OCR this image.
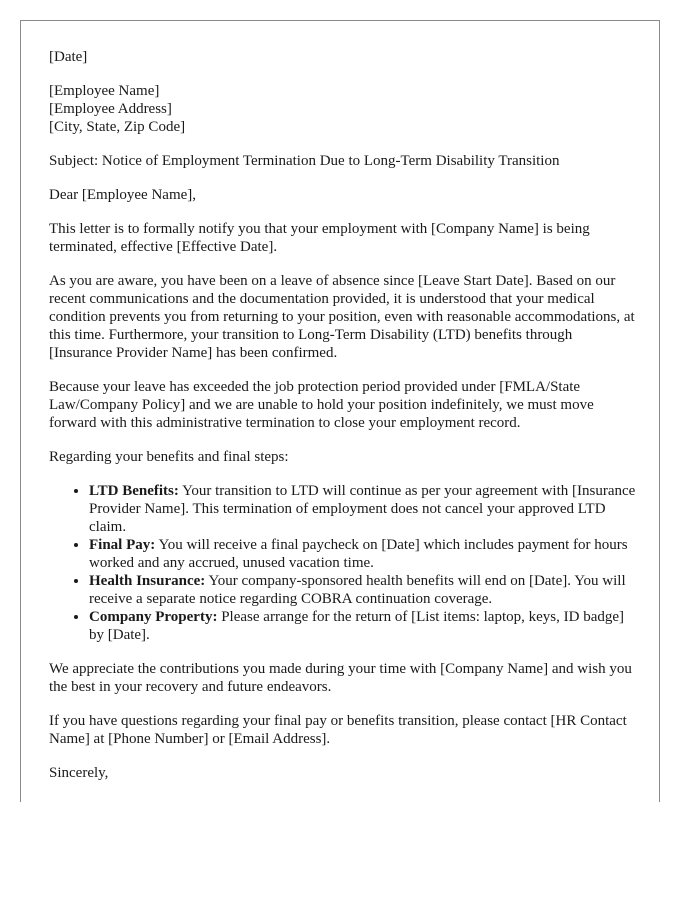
[Date]

[Employee Name]
[Employee Address]
[City, State, Zip Code]

Subject: Notice of Employment Termination Due to Long-Term Disability Transition

Dear [Employee Name],

This letter is to formally notify you that your employment with [Company Name] is being terminated, effective [Effective Date].

As you are aware, you have been on a leave of absence since [Leave Start Date]. Based on our recent communications and the documentation provided, it is understood that your medical condition prevents you from returning to your position, even with reasonable accommodations, at this time. Furthermore, your transition to Long-Term Disability (LTD) benefits through [Insurance Provider Name] has been confirmed.

Because your leave has exceeded the job protection period provided under [FMLA/State Law/Company Policy] and we are unable to hold your position indefinitely, we must move forward with this administrative termination to close your employment record.

Regarding your benefits and final steps:

• LTD Benefits: Your transition to LTD will continue as per your agreement with [Insurance Provider Name]. This termination of employment does not cancel your approved LTD claim.
• Final Pay: You will receive a final paycheck on [Date] which includes payment for hours worked and any accrued, unused vacation time.
• Health Insurance: Your company-sponsored health benefits will end on [Date]. You will receive a separate notice regarding COBRA continuation coverage.
• Company Property: Please arrange for the return of [List items: laptop, keys, ID badge] by [Date].

We appreciate the contributions you made during your time with [Company Name] and wish you the best in your recovery and future endeavors.

If you have questions regarding your final pay or benefits transition, please contact [HR Contact Name] at [Phone Number] or [Email Address].

Sincerely,
